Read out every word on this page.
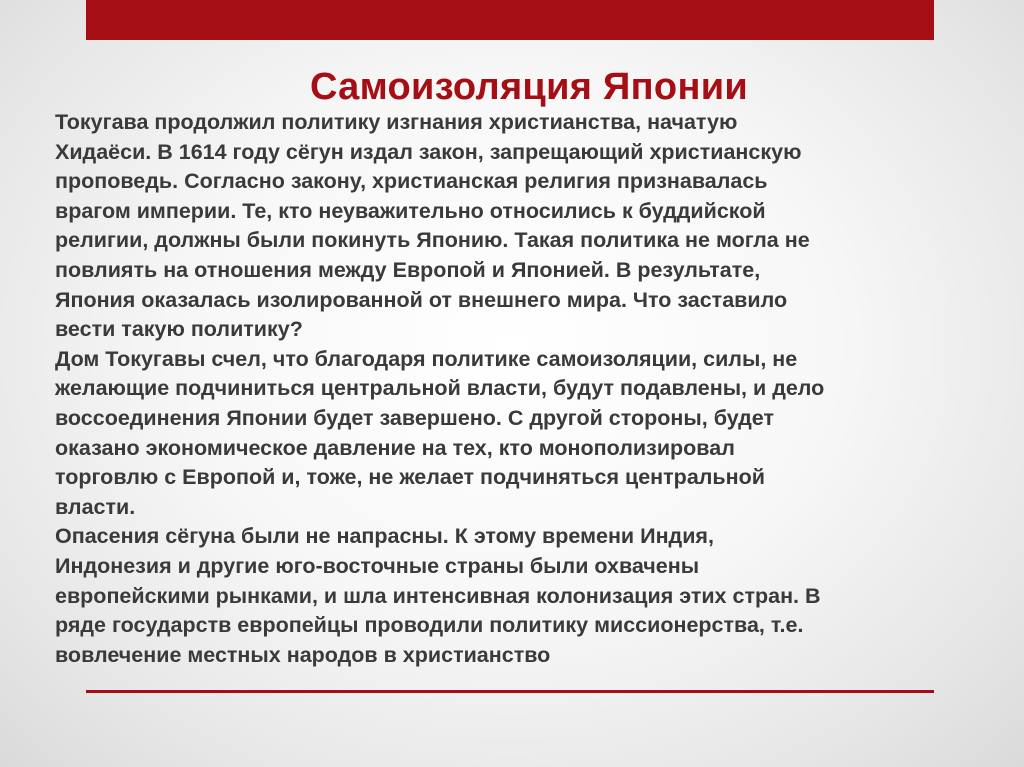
Самоизоляция Японии
Токугава продолжил политику изгнания христианства, начатую
Хидаёси. В 1614 году сёгун издал закон, запрещающий христианскую
проповедь. Согласно закону, христианская религия признавалась
врагом империи. Те, кто неуважительно относились к буддийской
религии, должны были покинуть Японию. Такая политика не могла не
повлиять на отношения между Европой и Японией. В результате,
Япония оказалась изолированной от внешнего мира. Что заставило
вести такую политику?
Дом Токугавы счел, что благодаря политике самоизоляции, силы, не
желающие подчиниться центральной власти, будут подавлены, и дело
воссоединения Японии будет завершено. С другой стороны, будет
оказано экономическое давление на тех, кто монополизировал
торговлю с Европой и, тоже, не желает подчиняться центральной
власти.
Опасения сёгуна были не напрасны. К этому времени Индия,
Индонезия и другие юго-восточные страны были охвачены
европейскими рынками, и шла интенсивная колонизация этих стран. В
ряде государств европейцы проводили политику миссионерства, т.е.
вовлечение местных народов в христианство
